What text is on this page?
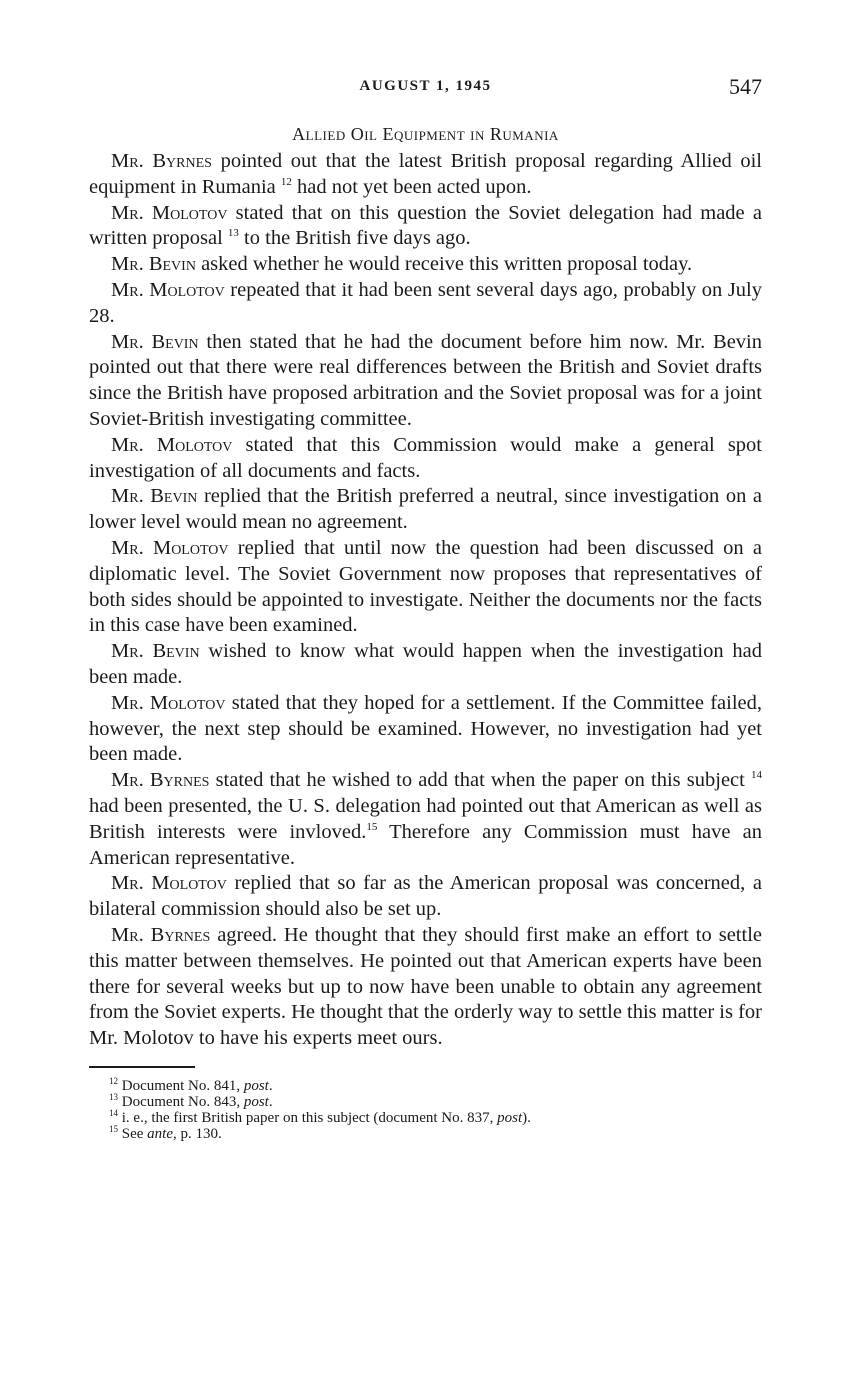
AUGUST 1, 1945	547
Allied Oil Equipment in Rumania

Mr. Byrnes pointed out that the latest British proposal regarding Allied oil equipment in Rumania $^{12}$ had not yet been acted upon.

Mr. Molotov stated that on this question the Soviet delegation had made a written proposal $^{13}$ to the British five days ago.

Mr. Bevin asked whether he would receive this written proposal today.

Mr. Molotov repeated that it had been sent several days ago, probably on July 28.

Mr. Bevin then stated that he had the document before him now. Mr. Bevin pointed out that there were real differences between the British and Soviet drafts since the British have proposed arbitration and the Soviet proposal was for a joint Soviet-British investigating committee.

Mr. Molotov stated that this Commission would make a general spot investigation of all documents and facts.

Mr. Bevin replied that the British preferred a neutral, since investigation on a lower level would mean no agreement.

Mr. Molotov replied that until now the question had been discussed on a diplomatic level. The Soviet Government now proposes that representatives of both sides should be appointed to investigate. Neither the documents nor the facts in this case have been examined.

Mr. Bevin wished to know what would happen when the investigation had been made.

Mr. Molotov stated that they hoped for a settlement. If the Committee failed, however, the next step should be examined. However, no investigation had yet been made.

Mr. Byrnes stated that he wished to add that when the paper on this subject $^{14}$ had been presented, the U. S. delegation had pointed out that American as well as British interests were invloved.$^{15}$ Therefore any Commission must have an American representative.

Mr. Molotov replied that so far as the American proposal was concerned, a bilateral commission should also be set up.

Mr. Byrnes agreed. He thought that they should first make an effort to settle this matter between themselves. He pointed out that American experts have been there for several weeks but up to now have been unable to obtain any agreement from the Soviet experts. He thought that the orderly way to settle this matter is for Mr. Molotov to have his experts meet ours.

$^{12}$ Document No. 841, post.
$^{13}$ Document No. 843, post.
$^{14}$ i. e., the first British paper on this subject (document No. 837, post).
$^{15}$ See ante, p. 130.
